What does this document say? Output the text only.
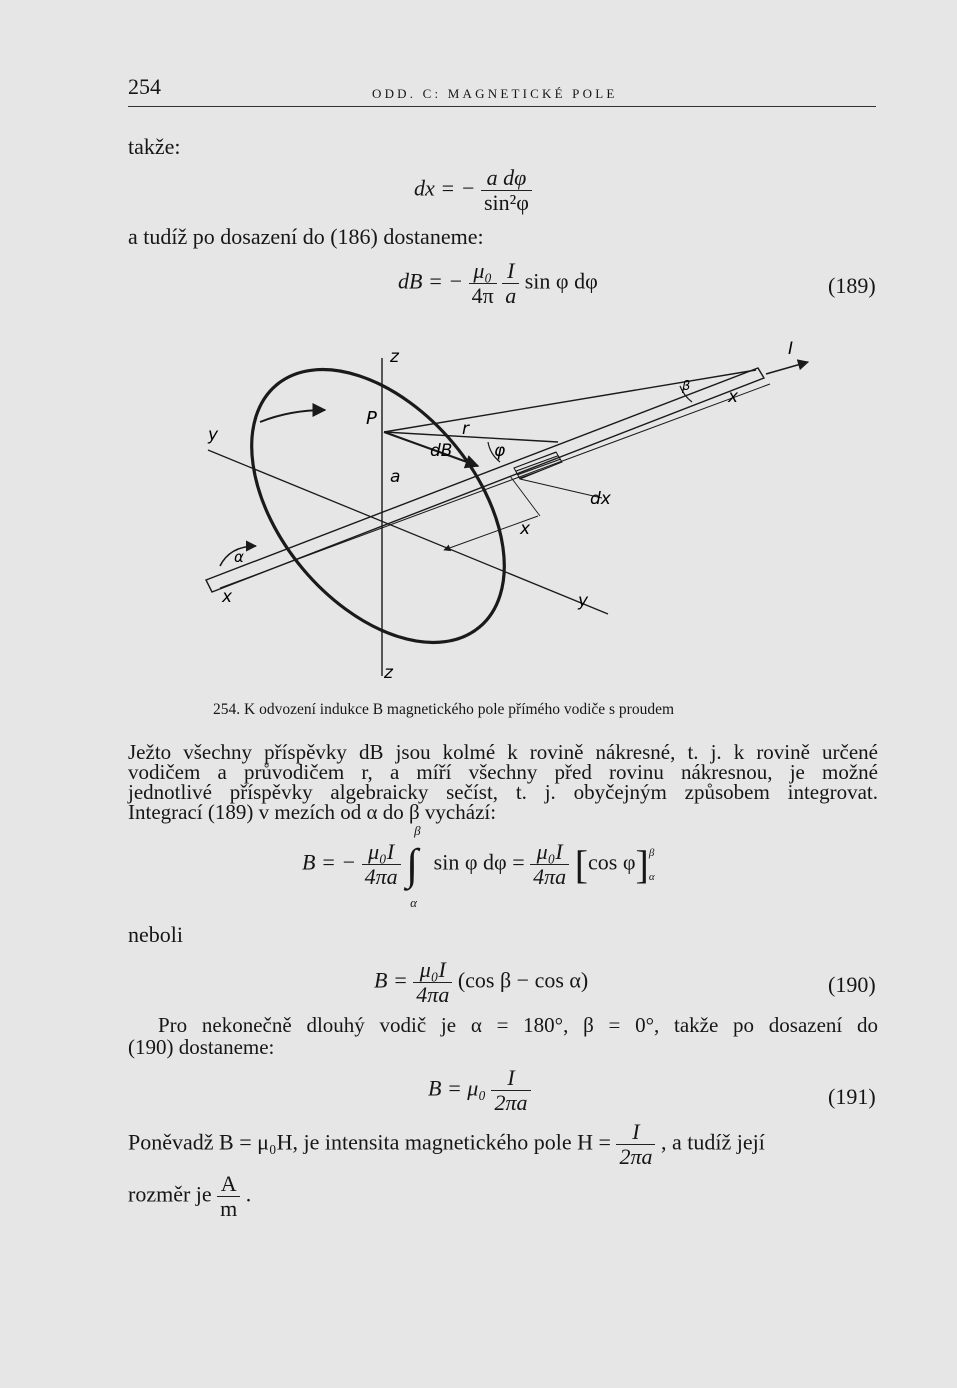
254	ODD. C: MAGNETICKÉ POLE
takže:
dx = − $\frac{\text{a dφ}}{\text{sin²φ}}$
a tudíž po dosazení do (186) dostaneme:
dB = − $\frac{\text{μ₀}}{4\pi}$
$\frac{I}{a}$ sin φ dφ	(189)
z
z
y
y
x
x
x
P
a
r
dB φ
β
α
dx
I
254. K odvození indukce B magnetického pole přímého vodiče s proudem
Ježto všechny příspěvky dB jsou kolmé k rovině nákresné, t. j. k rovině určené
vodičem a průvodičem r, a míří všechny před rovinu nákresnou, je možné
jednotlivé příspěvky algebraicky sečíst, t. j. obyčejným způsobem integrovat.
Integrací (189) v mezích od α do β vychází:
B = − $\frac{\text{μ₀I}}{4\pi a}$ ∫
β
α
sin φ $d\varphi = \frac{\text{μ₀I}}{4\pi a} [\cos$ φ] β
α
neboli
$B = \frac{\text{μ₀I}}{4\pi a} (\cos$ β − cos α)	(190)
Pro nekonečně dlouhý vodič je α = 180°, β = 0°, takže po dosazení do
(190) dostaneme:
$B = \mu_0 \frac{I}{2\pi a}$	(191)
Poněvadž B = μ₀H, je intensita magnetického pole $H = \frac{I}{2\pi a}$ , a tudíž její
rozměr je $\frac{A}{m}$ .
